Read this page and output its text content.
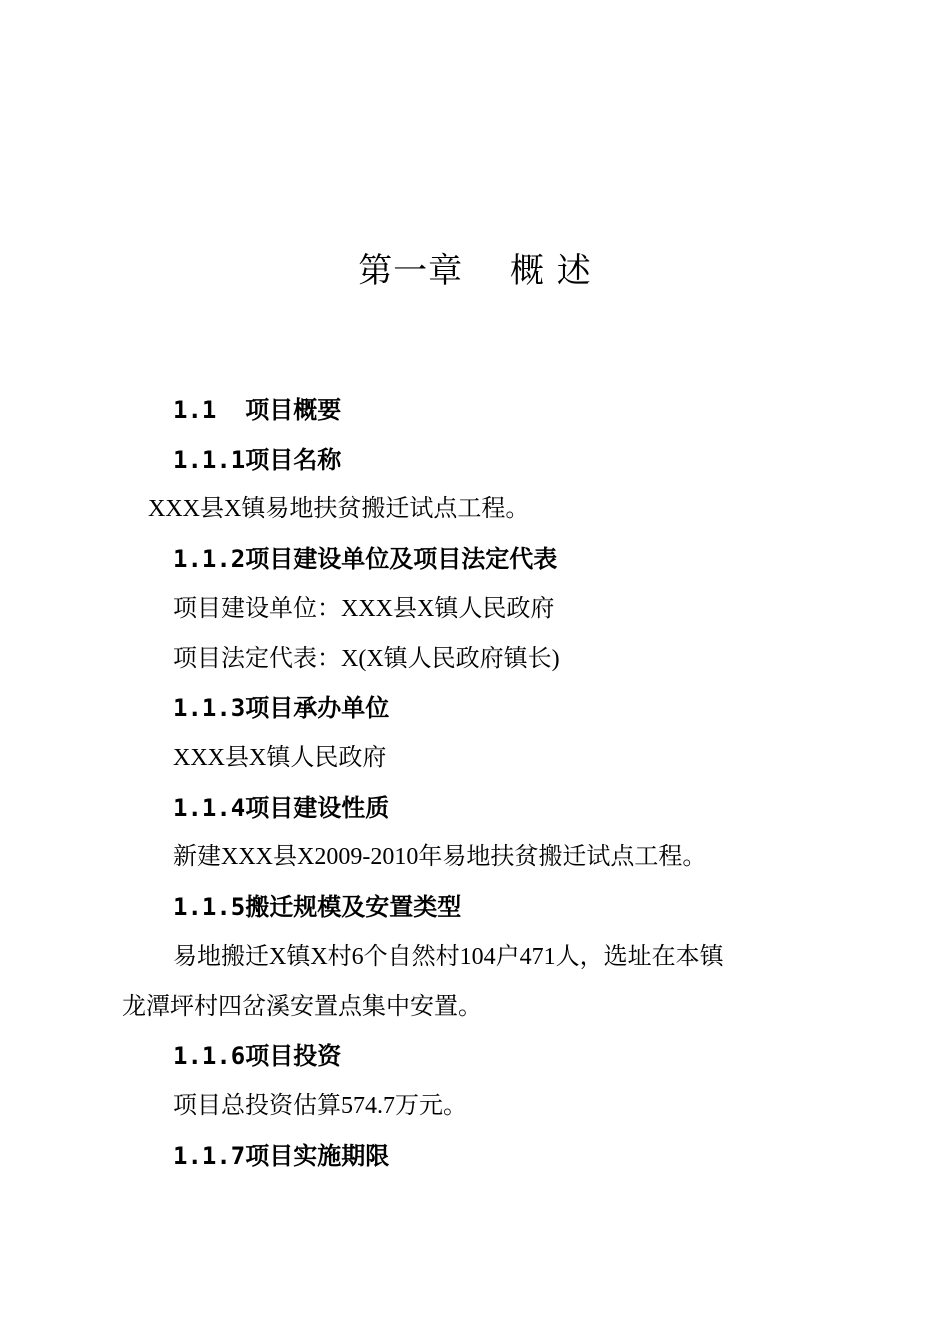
第一章　 概 述
1.1  项目概要
1.1.1项目名称
XXX县X镇易地扶贫搬迁试点工程。
1.1.2项目建设单位及项目法定代表
项目建设单位：XXX县X镇人民政府
项目法定代表：X(X镇人民政府镇长)
1.1.3项目承办单位
XXX县X镇人民政府
1.1.4项目建设性质
新建XXX县X2009-2010年易地扶贫搬迁试点工程。
1.1.5搬迁规模及安置类型
易地搬迁X镇X村6个自然村104户471人，选址在本镇
龙潭坪村四岔溪安置点集中安置。
1.1.6项目投资
项目总投资估算574.7万元。
1.1.7项目实施期限
